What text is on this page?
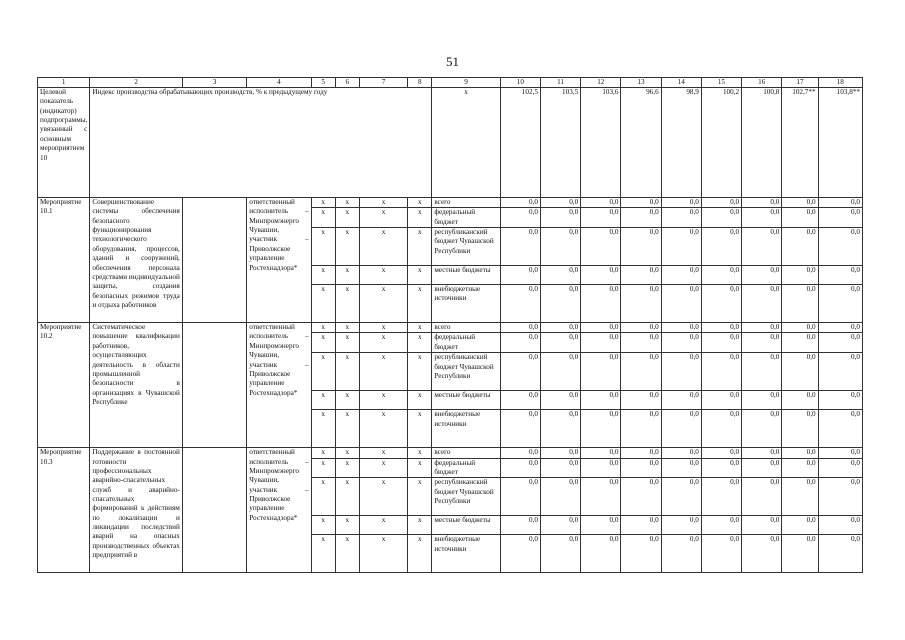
51
1	2	3	4	5	6	7	8	9	10	11	12	13	14	15	16	17	18
Целевой показатель (индикатор) подпрограммы, увязанный с основным мероприятием 10	Индекс производства обрабатывающих производств, % к предыдущему году							x	102,5	103,5	103,6	96,6	98,9	100,2	100,8	102,7**	103,8**
Мероприятие 10.1	Совершенствование системы обеспечения безопасного функционирования технологического оборудования, процессов, зданий и сооружений, обеспечения персонала средствами индивидуальной защиты, создания безопасных режимов труда и отдыха работников		ответственный исполнитель – Минпромэнерго Чувашии, участник – Приволжское управление Ростехнадзора*	x	x	x	x	всего	0,0	0,0	0,0	0,0	0,0	0,0	0,0	0,0	0,0
				x	x	x	x	федеральный бюджет	0,0	0,0	0,0	0,0	0,0	0,0	0,0	0,0	0,0
				x	x	x	x	республиканский бюджет Чувашской Республики	0,0	0,0	0,0	0,0	0,0	0,0	0,0	0,0	0,0
				x	x	x	x	местные бюджеты	0,0	0,0	0,0	0,0	0,0	0,0	0,0	0,0	0,0
				x	x	x	x	внебюджетные источники	0,0	0,0	0,0	0,0	0,0	0,0	0,0	0,0	0,0
Мероприятие 10.2	Систематическое повышение квалификации работников, осуществляющих деятельность в области промышленной безопасности в организациях в Чувашской Республике		ответственный исполнитель – Минпромэнерго Чувашии, участник – Приволжское управление Ростехнадзора*	x	x	x	x	всего	0,0	0,0	0,0	0,0	0,0	0,0	0,0	0,0	0,0
				x	x	x	x	федеральный бюджет	0,0	0,0	0,0	0,0	0,0	0,0	0,0	0,0	0,0
				x	x	x	x	республиканский бюджет Чувашской Республики	0,0	0,0	0,0	0,0	0,0	0,0	0,0	0,0	0,0
				x	x	x	x	местные бюджеты	0,0	0,0	0,0	0,0	0,0	0,0	0,0	0,0	0,0
				x	x	x	x	внебюджетные источники	0,0	0,0	0,0	0,0	0,0	0,0	0,0	0,0	0,0
Мероприятие 10.3	Поддержание в постоянной готовности профессиональных аварийно-спасательных служб и аварийно-спасательных формирований к действиям по локализации и ликвидации последствий аварий на опасных производственных объектах предприятий в		ответственный исполнитель – Минпромэнерго Чувашии, участник – Приволжское управление Ростехнадзора*	x	x	x	x	всего	0,0	0,0	0,0	0,0	0,0	0,0	0,0	0,0	0,0
				x	x	x	x	федеральный бюджет	0,0	0,0	0,0	0,0	0,0	0,0	0,0	0,0	0,0
				x	x	x	x	республиканский бюджет Чувашской Республики	0,0	0,0	0,0	0,0	0,0	0,0	0,0	0,0	0,0
				x	x	x	x	местные бюджеты	0,0	0,0	0,0	0,0	0,0	0,0	0,0	0,0	0,0
				x	x	x	x	внебюджетные источники	0,0	0,0	0,0	0,0	0,0	0,0	0,0	0,0	0,0
